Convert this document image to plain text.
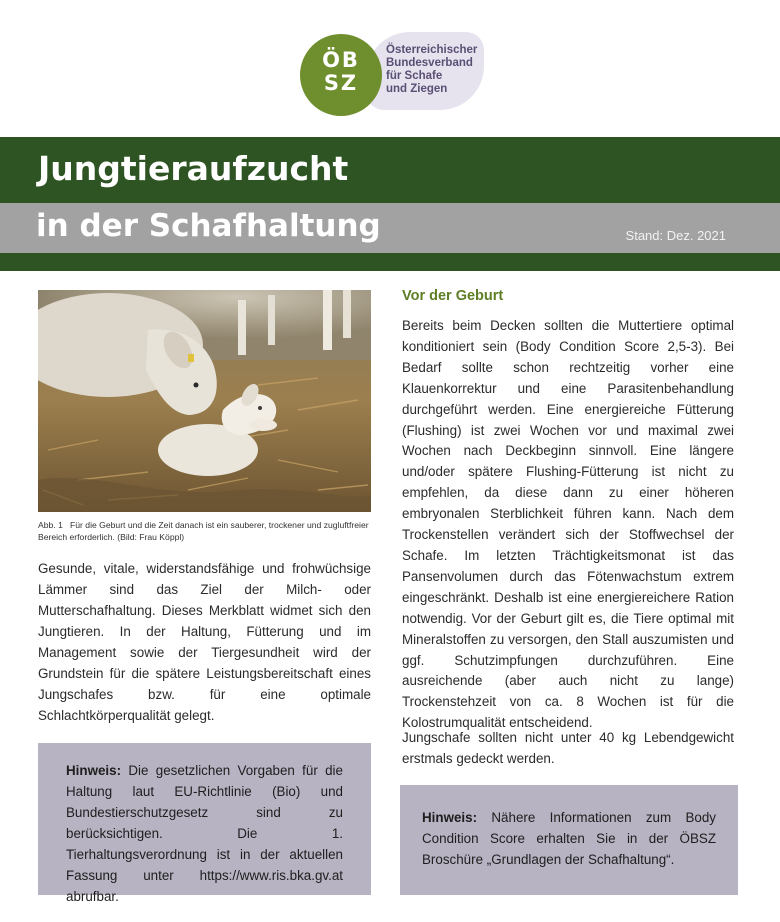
ÖB
SZ
Österreichischer
Bundesverband
für Schafe
und Ziegen
Jungtieraufzucht
in der Schafhaltung	Stand: Dez. 2021
Abb. 1 Für die Geburt und die Zeit danach ist ein sauberer, trockener und zugluftfreier Bereich erforderlich. (Bild: Frau Köppl)

Gesunde, vitale, widerstandsfähige und frohwüchsige Lämmer sind das Ziel der Milch- oder Mutterschafhaltung. Dieses Merkblatt widmet sich den Jungtieren. In der Haltung, Fütterung und im Management sowie der Tiergesundheit wird der Grundstein für die spätere Leistungsbereitschaft eines Jungschafes bzw. für eine optimale Schlachtkörperqualität gelegt.

Hinweis: Die gesetzlichen Vorgaben für die Haltung laut EU-Richtlinie (Bio) und Bundestierschutzgesetz sind zu berücksichtigen. Die 1. Tierhaltungsverordnung ist in der aktuellen Fassung unter https://www.ris.bka.gv.at abrufbar.
Vor der Geburt

Bereits beim Decken sollten die Muttertiere optimal konditioniert sein (Body Condition Score 2,5-3). Bei Bedarf sollte schon rechtzeitig vorher eine Klauenkorrektur und eine Parasitenbehandlung durchgeführt werden. Eine energiereiche Fütterung (Flushing) ist zwei Wochen vor und maximal zwei Wochen nach Deckbeginn sinnvoll. Eine längere und/oder spätere Flushing-Fütterung ist nicht zu empfehlen, da diese dann zu einer höheren embryonalen Sterblichkeit führen kann. Nach dem Trockenstellen verändert sich der Stoffwechsel der Schafe. Im letzten Trächtigkeitsmonat ist das Pansenvolumen durch das Fötenwachstum extrem eingeschränkt. Deshalb ist eine energiereichere Ration notwendig. Vor der Geburt gilt es, die Tiere optimal mit Mineralstoffen zu versorgen, den Stall auszumisten und ggf. Schutzimpfungen durchzuführen. Eine ausreichende (aber auch nicht zu lange) Trockenstehzeit von ca. 8 Wochen ist für die Kolostrumqualität entscheidend.

Jungschafe sollten nicht unter 40 kg Lebendgewicht erstmals gedeckt werden.

Hinweis: Nähere Informationen zum Body Condition Score erhalten Sie in der ÖBSZ Broschüre „Grundlagen der Schafhaltung“.
